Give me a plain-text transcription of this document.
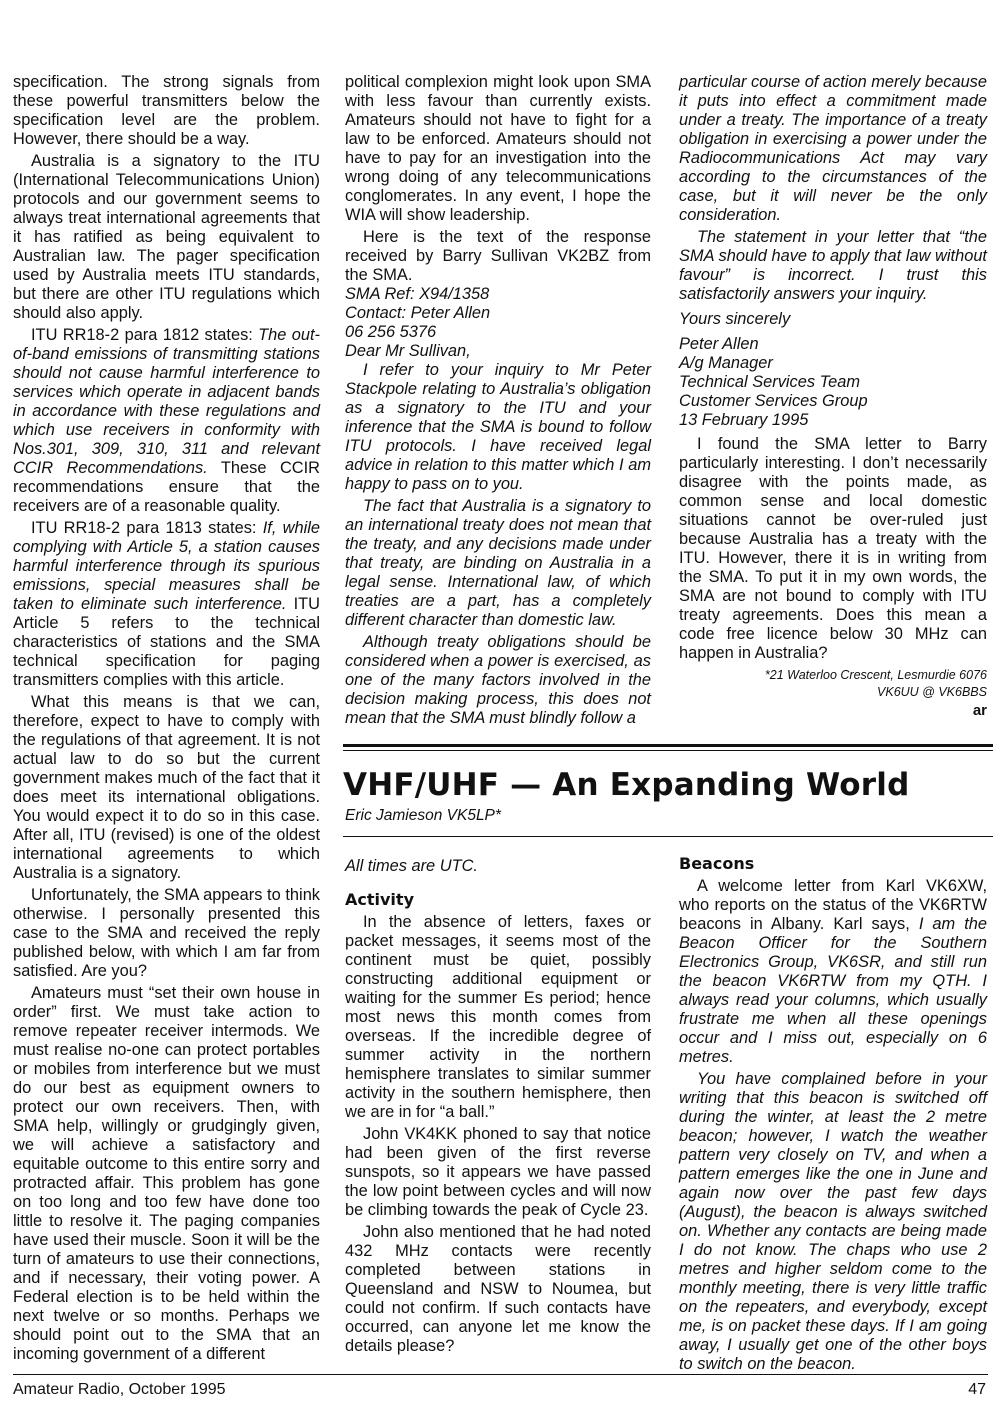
specification. The strong signals from these powerful transmitters below the specification level are the problem. However, there should be a way.

Australia is a signatory to the ITU (International Telecommunications Union) protocols and our government seems to always treat international agreements that it has ratified as being equivalent to Australian law. The pager specification used by Australia meets ITU standards, but there are other ITU regulations which should also apply.

ITU RR18-2 para 1812 states: The out-of-band emissions of transmitting stations should not cause harmful interference to services which operate in adjacent bands in accordance with these regulations and which use receivers in conformity with Nos.301, 309, 310, 311 and relevant CCIR Recommendations. These CCIR recommendations ensure that the receivers are of a reasonable quality.

ITU RR18-2 para 1813 states: If, while complying with Article 5, a station causes harmful interference through its spurious emissions, special measures shall be taken to eliminate such interference. ITU Article 5 refers to the technical characteristics of stations and the SMA technical specification for paging transmitters complies with this article.

What this means is that we can, therefore, expect to have to comply with the regulations of that agreement. It is not actual law to do so but the current government makes much of the fact that it does meet its international obligations. You would expect it to do so in this case. After all, ITU (revised) is one of the oldest international agreements to which Australia is a signatory.

Unfortunately, the SMA appears to think otherwise. I personally presented this case to the SMA and received the reply published below, with which I am far from satisfied. Are you?

Amateurs must “set their own house in order” first. We must take action to remove repeater receiver intermods. We must realise no-one can protect portables or mobiles from interference but we must do our best as equipment owners to protect our own receivers. Then, with SMA help, willingly or grudgingly given, we will achieve a satisfactory and equitable outcome to this entire sorry and protracted affair. This problem has gone on too long and too few have done too little to resolve it. The paging companies have used their muscle. Soon it will be the turn of amateurs to use their connections, and if necessary, their voting power. A Federal election is to be held within the next twelve or so months. Perhaps we should point out to the SMA that an incoming government of a different

political complexion might look upon SMA with less favour than currently exists. Amateurs should not have to fight for a law to be enforced. Amateurs should not have to pay for an investigation into the wrong doing of any telecommunications conglomerates. In any event, I hope the WIA will show leadership.

Here is the text of the response received by Barry Sullivan VK2BZ from the SMA.

SMA Ref: X94/1358

Contact: Peter Allen

06 256 5376

Dear Mr Sullivan,

I refer to your inquiry to Mr Peter Stackpole relating to Australia’s obligation as a signatory to the ITU and your inference that the SMA is bound to follow ITU protocols. I have received legal advice in relation to this matter which I am happy to pass on to you.

The fact that Australia is a signatory to an international treaty does not mean that the treaty, and any decisions made under that treaty, are binding on Australia in a legal sense. International law, of which treaties are a part, has a completely different character than domestic law.

Although treaty obligations should be considered when a power is exercised, as one of the many factors involved in the decision making process, this does not mean that the SMA must blindly follow a

particular course of action merely because it puts into effect a commitment made under a treaty. The importance of a treaty obligation in exercising a power under the Radiocommunications Act may vary according to the circumstances of the case, but it will never be the only consideration.

The statement in your letter that “the SMA should have to apply that law without favour” is incorrect. I trust this satisfactorily answers your inquiry.

Yours sincerely

Peter Allen

A/g Manager

Technical Services Team

Customer Services Group

13 February 1995

I found the SMA letter to Barry particularly interesting. I don’t necessarily disagree with the points made, as common sense and local domestic situations cannot be over-ruled just because Australia has a treaty with the ITU. However, there it is in writing from the SMA. To put it in my own words, the SMA are not bound to comply with ITU treaty agreements. Does this mean a code free licence below 30 MHz can happen in Australia?

*21 Waterloo Crescent, Lesmurdie 6076
VK6UU @ VK6BBS
ar
VHF/UHF — An Expanding World
Eric Jamieson VK5LP*

All times are UTC.

Activity

In the absence of letters, faxes or packet messages, it seems most of the continent must be quiet, possibly constructing additional equipment or waiting for the summer Es period; hence most news this month comes from overseas. If the incredible degree of summer activity in the northern hemisphere translates to similar summer activity in the southern hemisphere, then we are in for “a ball.”

John VK4KK phoned to say that notice had been given of the first reverse sunspots, so it appears we have passed the low point between cycles and will now be climbing towards the peak of Cycle 23.

John also mentioned that he had noted 432 MHz contacts were recently completed between stations in Queensland and NSW to Noumea, but could not confirm. If such contacts have occurred, can anyone let me know the details please?

Beacons

A welcome letter from Karl VK6XW, who reports on the status of the VK6RTW beacons in Albany. Karl says, I am the Beacon Officer for the Southern Electronics Group, VK6SR, and still run the beacon VK6RTW from my QTH. I always read your columns, which usually frustrate me when all these openings occur and I miss out, especially on 6 metres.

You have complained before in your writing that this beacon is switched off during the winter, at least the 2 metre beacon; however, I watch the weather pattern very closely on TV, and when a pattern emerges like the one in June and again now over the past few days (August), the beacon is always switched on. Whether any contacts are being made I do not know. The chaps who use 2 metres and higher seldom come to the monthly meeting, there is very little traffic on the repeaters, and everybody, except me, is on packet these days. If I am going away, I usually get one of the other boys to switch on the beacon.

Amateur Radio, October 1995	47
